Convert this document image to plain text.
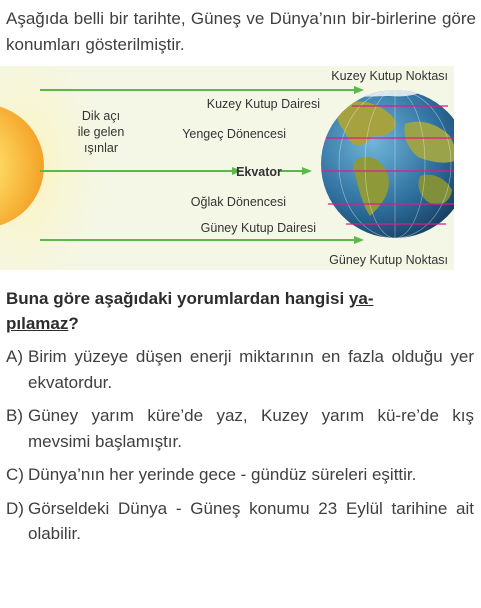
Aşağıda belli bir tarihte, Güneş ve Dünya’nın bir-birlerine göre konumları gösterilmiştir.
Kuzey Kutup Noktası
Dik açı
ile gelen
ışınlar
Kuzey Kutup Dairesi
Yengeç Dönencesi
Ekvator
Oğlak Dönencesi
Güney Kutup Dairesi
Güney Kutup Noktası
Buna göre aşağıdaki yorumlardan hangisi ya-
pılamaz?
A) Birim yüzeye düşen enerji miktarının en fazla olduğu yer ekvatordur.
B) Güney yarım küre’de yaz, Kuzey yarım kü-re’de kış mevsimi başlamıştır.
C) Dünya’nın her yerinde gece - gündüz süreleri eşittir.
D) Görseldeki Dünya - Güneş konumu 23 Eylül tarihine ait olabilir.
